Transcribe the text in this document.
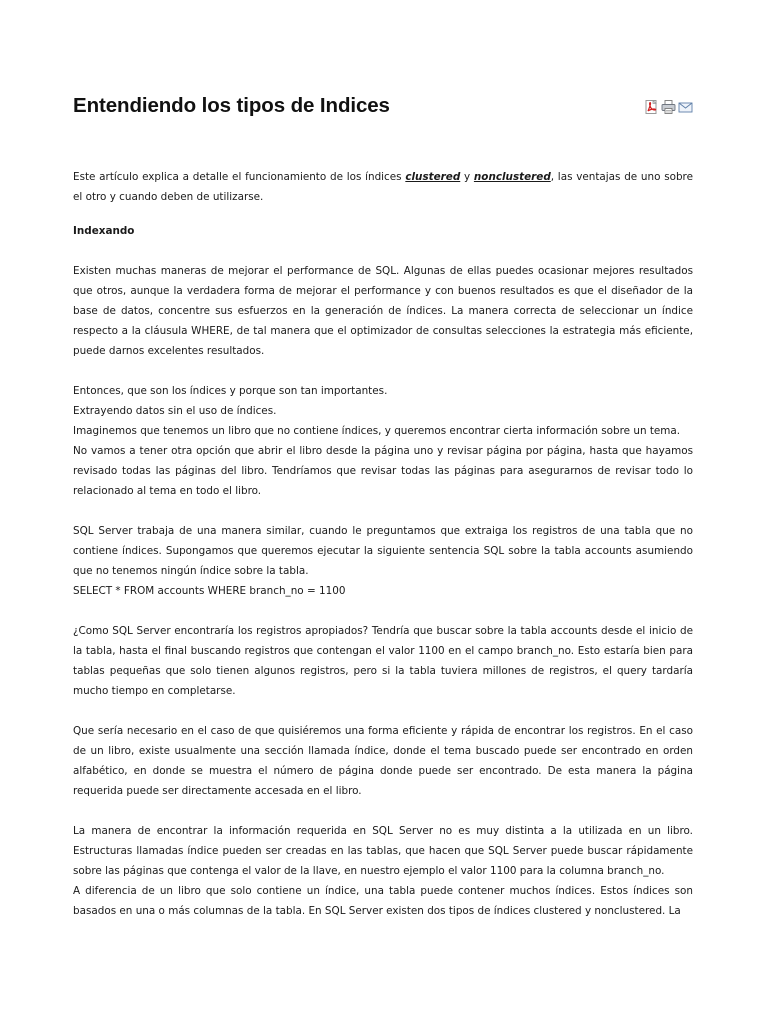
Entendiendo los tipos de Indices

Este artículo explica a detalle el funcionamiento de los índices clustered y nonclustered, las ventajas de uno sobre el otro y cuando deben de utilizarse.

Indexando

Existen muchas maneras de mejorar el performance de SQL. Algunas de ellas puedes ocasionar mejores resultados que otros, aunque la verdadera forma de mejorar el performance y con buenos resultados es que el diseñador de la base de datos, concentre sus esfuerzos en la generación de índices. La manera correcta de seleccionar un índice respecto a la cláusula WHERE, de tal manera que el optimizador de consultas selecciones la estrategia más eficiente, puede darnos excelentes resultados.

Entonces, que son los índices y porque son tan importantes.

Extrayendo datos sin el uso de índices.

Imaginemos que tenemos un libro que no contiene índices, y queremos encontrar cierta información sobre un tema.

No vamos a tener otra opción que abrir el libro desde la página uno y revisar página por página, hasta que hayamos revisado todas las páginas del libro. Tendríamos que revisar todas las páginas para asegurarnos de revisar todo lo relacionado al tema en todo el libro.

SQL Server trabaja de una manera similar, cuando le preguntamos que extraiga los registros de una tabla que no contiene índices. Supongamos que queremos ejecutar la siguiente sentencia SQL sobre la tabla accounts asumiendo que no tenemos ningún índice sobre la tabla.

SELECT * FROM accounts WHERE branch_no = 1100

¿Como SQL Server encontraría los registros apropiados? Tendría que buscar sobre la tabla accounts desde el inicio de la tabla, hasta el final buscando registros que contengan el valor 1100 en el campo branch_no. Esto estaría bien para tablas pequeñas que solo tienen algunos registros, pero si la tabla tuviera millones de registros, el query tardaría mucho tiempo en completarse.

Que sería necesario en el caso de que quisiéremos una forma eficiente y rápida de encontrar los registros. En el caso de un libro, existe usualmente una sección llamada índice, donde el tema buscado puede ser encontrado en orden alfabético, en donde se muestra el número de página donde puede ser encontrado. De esta manera la página requerida puede ser directamente accesada en el libro.

La manera de encontrar la información requerida en SQL Server no es muy distinta a la utilizada en un libro. Estructuras llamadas índice pueden ser creadas en las tablas, que hacen que SQL Server puede buscar rápidamente sobre las páginas que contenga el valor de la llave, en nuestro ejemplo el valor 1100 para la columna branch_no.

A diferencia de un libro que solo contiene un índice, una tabla puede contener muchos índices. Estos índices son basados en una o más columnas de la tabla. En SQL Server existen dos tipos de índices clustered y nonclustered. La
